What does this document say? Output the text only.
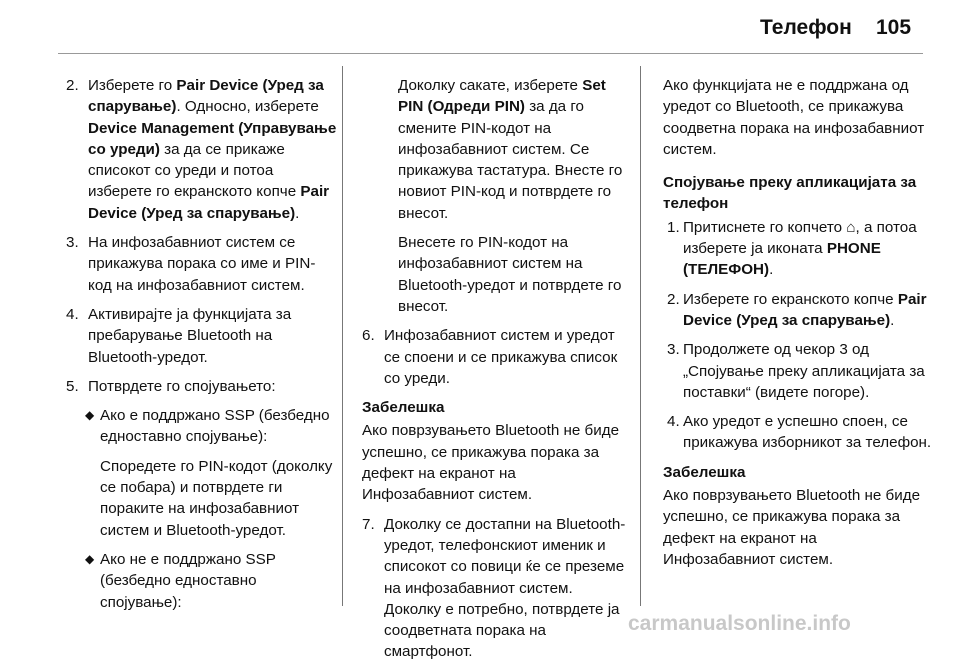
Телефон 105
2. Изберете го Pair Device (Уред за спарување). Односно, изберете Device Management (Управување со уреди) за да се прикаже списокот со уреди и потоа изберете го екранското копче Pair Device (Уред за спарување).
3. На инфозабавниот систем се прикажува порака со име и PIN-код на инфозабавниот систем.
4. Активирајте ја функцијата за пребарување Bluetooth на Bluetooth-уредот.
5. Потврдете го спојувањето:
◆ Ако е поддржано SSP (безбедно едноставно спојување):
Споредете го PIN-кодот (доколку се побара) и потврдете ги пораките на инфозабавниот систем и Bluetooth-уредот.
◆ Ако не е поддржано SSP (безбедно едноставно спојување):
Доколку сакате, изберете Set PIN (Одреди PIN) за да го смените PIN-кодот на инфозабавниот систем. Се прикажува тастатура. Внесте го новиот PIN-код и потврдете го внесот.
Внесете го PIN-кодот на инфозабавниот систем на Bluetooth-уредот и потврдете го внесот.
6. Инфозабавниот систем и уредот се споени и се прикажува список со уреди.
Забелешка
Ако поврзувањето Bluetooth не биде успешно, се прикажува порака за дефект на екранот на Инфозабавниот систем.
7. Доколку се достапни на Bluetooth-уредот, телефонскиот именик и списокот со повици ќе се преземе на инфозабавниот систем. Доколку е потребно, потврдете ја соодветната порака на смартфонот.
Ако функцијата не е поддржана од уредот со Bluetooth, се прикажува соодветна порака на инфозабавниот систем.
Спојување преку апликацијата за телефон
1. Притиснете го копчето ⌂, а потоа изберете ја иконата PHONE (ТЕЛЕФОН).
2. Изберете го екранското копче Pair Device (Уред за спарување).
3. Продолжете од чекор 3 од „Спојување преку апликацијата за поставки“ (видете погоре).
4. Ако уредот е успешно споен, се прикажува изборникот за телефон.
Забелешка
Ако поврзувањето Bluetooth не биде успешно, се прикажува порака за дефект на екранот на Инфозабавниот систем.
carmanualsonline.info
